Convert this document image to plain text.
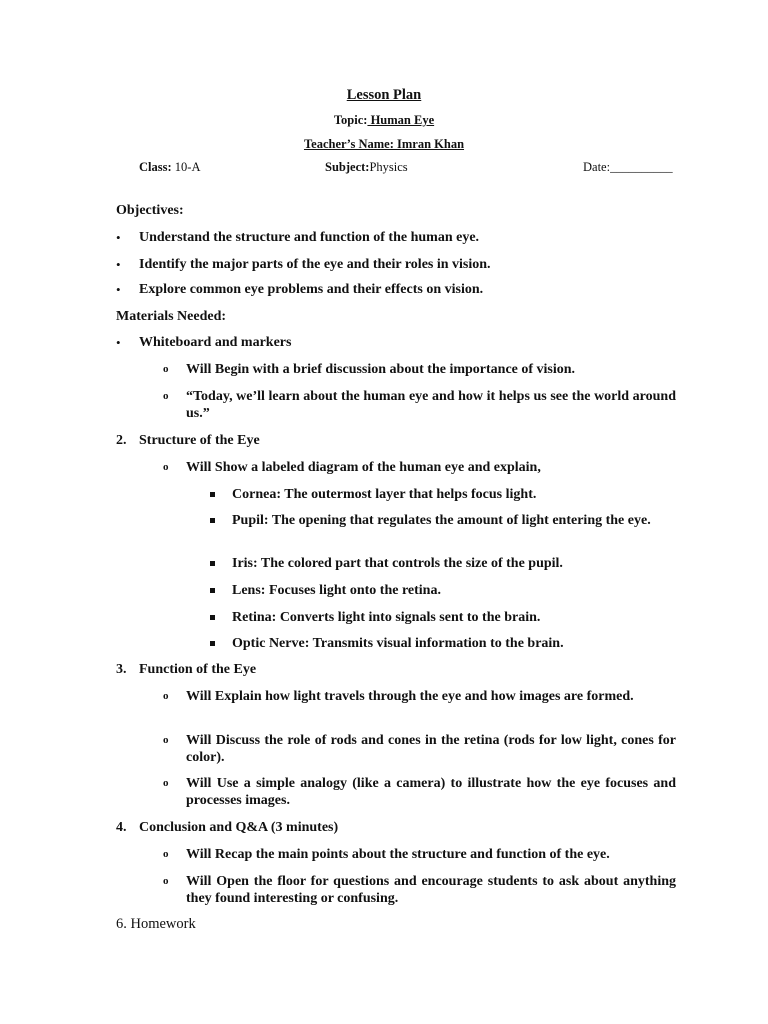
Lesson Plan
Topic: Human Eye
Teacher’s Name: Imran Khan
Class: 10-A	Subject:Physics	Date:__________
Objectives:
• Understand the structure and function of the human eye.
• Identify the major parts of the eye and their roles in vision.
• Explore common eye problems and their effects on vision.
Materials Needed:
• Whiteboard and markers
o Will Begin with a brief discussion about the importance of vision.
o “Today, we’ll learn about the human eye and how it helps us see the world around us.”
2. Structure of the Eye
o Will Show a labeled diagram of the human eye and explain,
Cornea: The outermost layer that helps focus light.
Pupil: The opening that regulates the amount of light entering the eye.
Iris: The colored part that controls the size of the pupil.
Lens: Focuses light onto the retina.
Retina: Converts light into signals sent to the brain.
Optic Nerve: Transmits visual information to the brain.
3. Function of the Eye
o Will Explain how light travels through the eye and how images are formed.
o Will Discuss the role of rods and cones in the retina (rods for low light, cones for color).
o Will Use a simple analogy (like a camera) to illustrate how the eye focuses and processes images.
4. Conclusion and Q&A (3 minutes)
o Will Recap the main points about the structure and function of the eye.
o Will Open the floor for questions and encourage students to ask about anything they found interesting or confusing.
6. Homework
